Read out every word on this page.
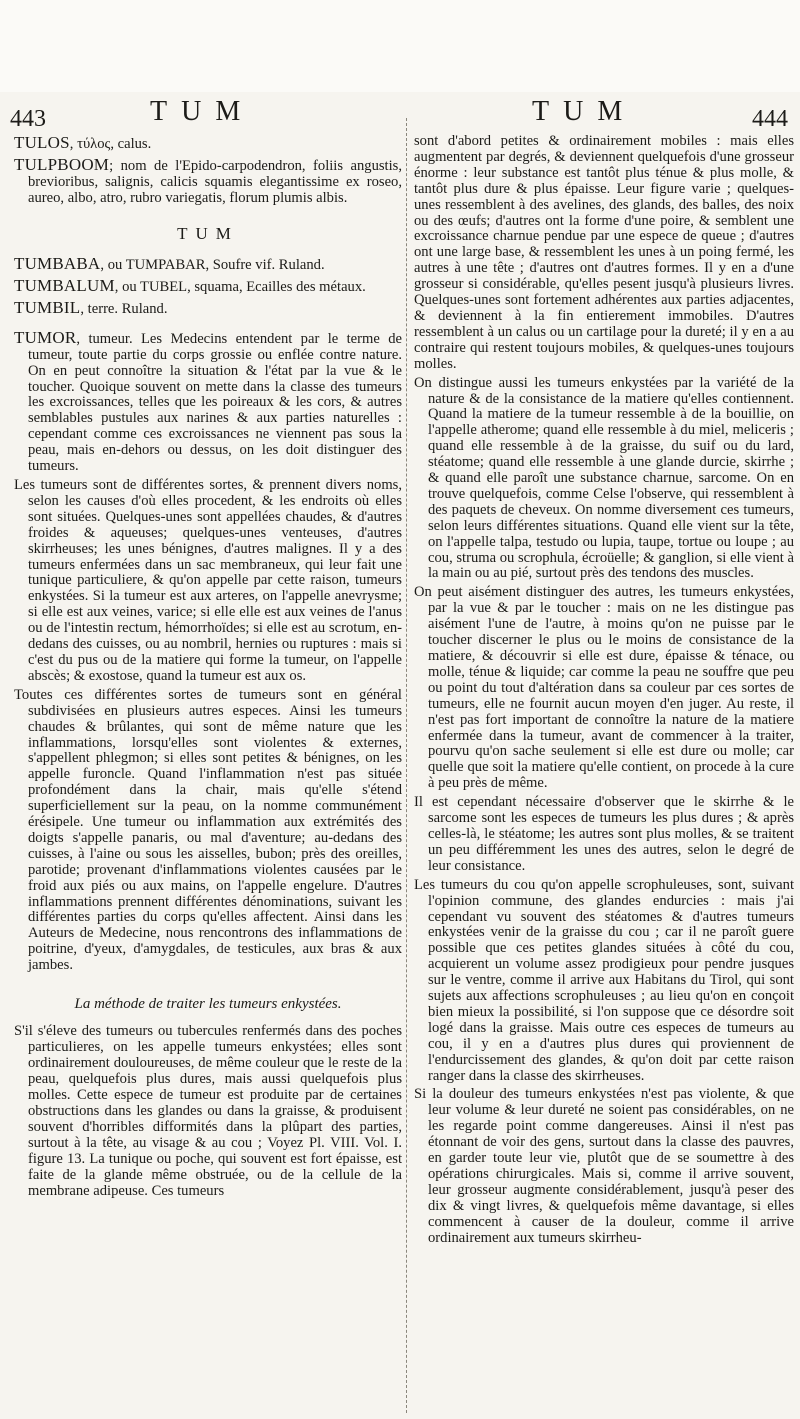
443	TUM	TUM	444

TULOS, τύλος, calus.

TULPBOOM; nom de l'Epido-carpodendron, foliis angustis, brevioribus, salignis, calicis squamis elegantissime ex roseo, aureo, albo, atro, rubro variegatis, florum plumis albis.

TUM

TUMBABA, ou TUMPABAR, Soufre vif. Ruland.

TUMBALUM, ou TUBEL, squama, Ecailles des métaux.

TUMBIL, terre. Ruland.

TUMOR, tumeur. Les Medecins entendent par le terme de tumeur, toute partie du corps grossie ou enflée contre nature. On en peut connoître la situation & l'état par la vue & le toucher. Quoique souvent on mette dans la classe des tumeurs les excroissances, telles que les poireaux & les cors, & autres semblables pustules aux narines & aux parties naturelles : cependant comme ces excroissances ne viennent pas sous la peau, mais en-dehors ou dessus, on les doit distinguer des tumeurs.

Les tumeurs sont de différentes sortes, & prennent divers noms, selon les causes d'où elles procedent, & les endroits où elles sont situées. Quelques-unes sont appellées chaudes, & d'autres froides & aqueuses; quelques-unes venteuses, d'autres skirrheuses; les unes bénignes, d'autres malignes. Il y a des tumeurs enfermées dans un sac membraneux, qui leur fait une tunique particuliere, & qu'on appelle par cette raison, tumeurs enkystées. Si la tumeur est aux arteres, on l'appelle anevrysme; si elle est aux veines, varice; si elle elle est aux veines de l'anus ou de l'intestin rectum, hémorrhoïdes; si elle est au scrotum, en-dedans des cuisses, ou au nombril, hernies ou ruptures : mais si c'est du pus ou de la matiere qui forme la tumeur, on l'appelle abscès; & exostose, quand la tumeur est aux os.

Toutes ces différentes sortes de tumeurs sont en général subdivisées en plusieurs autres especes. Ainsi les tumeurs chaudes & brûlantes, qui sont de même nature que les inflammations, lorsqu'elles sont violentes & externes, s'appellent phlegmon; si elles sont petites & bénignes, on les appelle furoncle. Quand l'inflammation n'est pas située profondément dans la chair, mais qu'elle s'étend superficiellement sur la peau, on la nomme communément érésipele. Une tumeur ou inflammation aux extrémités des doigts s'appelle panaris, ou mal d'aventure; au-dedans des cuisses, à l'aine ou sous les aisselles, bubon; près des oreilles, parotide; provenant d'inflammations violentes causées par le froid aux piés ou aux mains, on l'appelle engelure. D'autres inflammations prennent différentes dénominations, suivant les différentes parties du corps qu'elles affectent. Ainsi dans les Auteurs de Medecine, nous rencontrons des inflammations de poitrine, d'yeux, d'amygdales, de testicules, aux bras & aux jambes.

La méthode de traiter les tumeurs enkystées.

S'il s'éleve des tumeurs ou tubercules renfermés dans des poches particulieres, on les appelle tumeurs enkystées; elles sont ordinairement douloureuses, de même couleur que le reste de la peau, quelquefois plus dures, mais aussi quelquefois plus molles. Cette espece de tumeur est produite par de certaines obstructions dans les glandes ou dans la graisse, & produisent souvent d'horribles difformités dans la plûpart des parties, surtout à la tête, au visage & au cou ; Voyez Pl. VIII. Vol. I. figure 13. La tunique ou poche, qui souvent est fort épaisse, est faite de la glande même obstruée, ou de la cellule de la membrane adipeuse. Ces tumeurs

sont d'abord petites & ordinairement mobiles : mais elles augmentent par degrés, & deviennent quelquefois d'une grosseur énorme : leur substance est tantôt plus ténue & plus molle, & tantôt plus dure & plus épaisse. Leur figure varie ; quelques-unes ressemblent à des avelines, des glands, des balles, des noix ou des œufs; d'autres ont la forme d'une poire, & semblent une excroissance charnue pendue par une espece de queue ; d'autres ont une large base, & ressemblent les unes à un poing fermé, les autres à une tête ; d'autres ont d'autres formes. Il y en a d'une grosseur si considérable, qu'elles pesent jusqu'à plusieurs livres. Quelques-unes sont fortement adhérentes aux parties adjacentes, & deviennent à la fin entierement immobiles. D'autres ressemblent à un calus ou un cartilage pour la dureté; il y en a au contraire qui restent toujours mobiles, & quelques-unes toujours molles.

On distingue aussi les tumeurs enkystées par la variété de la nature & de la consistance de la matiere qu'elles contiennent. Quand la matiere de la tumeur ressemble à de la bouillie, on l'appelle atherome; quand elle ressemble à du miel, meliceris ; quand elle ressemble à de la graisse, du suif ou du lard, stéatome; quand elle ressemble à une glande durcie, skirrhe ; & quand elle paroît une substance charnue, sarcome. On en trouve quelquefois, comme Celse l'observe, qui ressemblent à des paquets de cheveux. On nomme diversement ces tumeurs, selon leurs différentes situations. Quand elle vient sur la tête, on l'appelle talpa, testudo ou lupia, taupe, tortue ou loupe ; au cou, struma ou scrophula, écroüelle; & ganglion, si elle vient à la main ou au pié, surtout près des tendons des muscles.

On peut aisément distinguer des autres, les tumeurs enkystées, par la vue & par le toucher : mais on ne les distingue pas aisément l'une de l'autre, à moins qu'on ne puisse par le toucher discerner le plus ou le moins de consistance de la matiere, & découvrir si elle est dure, épaisse & ténace, ou molle, ténue & liquide; car comme la peau ne souffre que peu ou point du tout d'altération dans sa couleur par ces sortes de tumeurs, elle ne fournit aucun moyen d'en juger. Au reste, il n'est pas fort important de connoître la nature de la matiere enfermée dans la tumeur, avant de commencer à la traiter, pourvu qu'on sache seulement si elle est dure ou molle; car quelle que soit la matiere qu'elle contient, on procede à la cure à peu près de même.

Il est cependant nécessaire d'observer que le skirrhe & le sarcome sont les especes de tumeurs les plus dures ; & après celles-là, le stéatome; les autres sont plus molles, & se traitent un peu différemment les unes des autres, selon le degré de leur consistance.

Les tumeurs du cou qu'on appelle scrophuleuses, sont, suivant l'opinion commune, des glandes endurcies : mais j'ai cependant vu souvent des stéatomes & d'autres tumeurs enkystées venir de la graisse du cou ; car il ne paroît guere possible que ces petites glandes situées à côté du cou, acquierent un volume assez prodigieux pour pendre jusques sur le ventre, comme il arrive aux Habitans du Tirol, qui sont sujets aux affections scrophuleuses ; au lieu qu'on en conçoit bien mieux la possibilité, si l'on suppose que ce désordre soit logé dans la graisse. Mais outre ces especes de tumeurs au cou, il y en a d'autres plus dures qui proviennent de l'endurcissement des glandes, & qu'on doit par cette raison ranger dans la classe des skirrheuses.

Si la douleur des tumeurs enkystées n'est pas violente, & que leur volume & leur dureté ne soient pas considérables, on ne les regarde point comme dangereuses. Ainsi il n'est pas étonnant de voir des gens, surtout dans la classe des pauvres, en garder toute leur vie, plutôt que de se soumettre à des opérations chirurgicales. Mais si, comme il arrive souvent, leur grosseur augmente considérablement, jusqu'à peser des dix & vingt livres, & quelquefois même davantage, si elles commencent à causer de la douleur, comme il arrive ordinairement aux tumeurs skirrheu-
